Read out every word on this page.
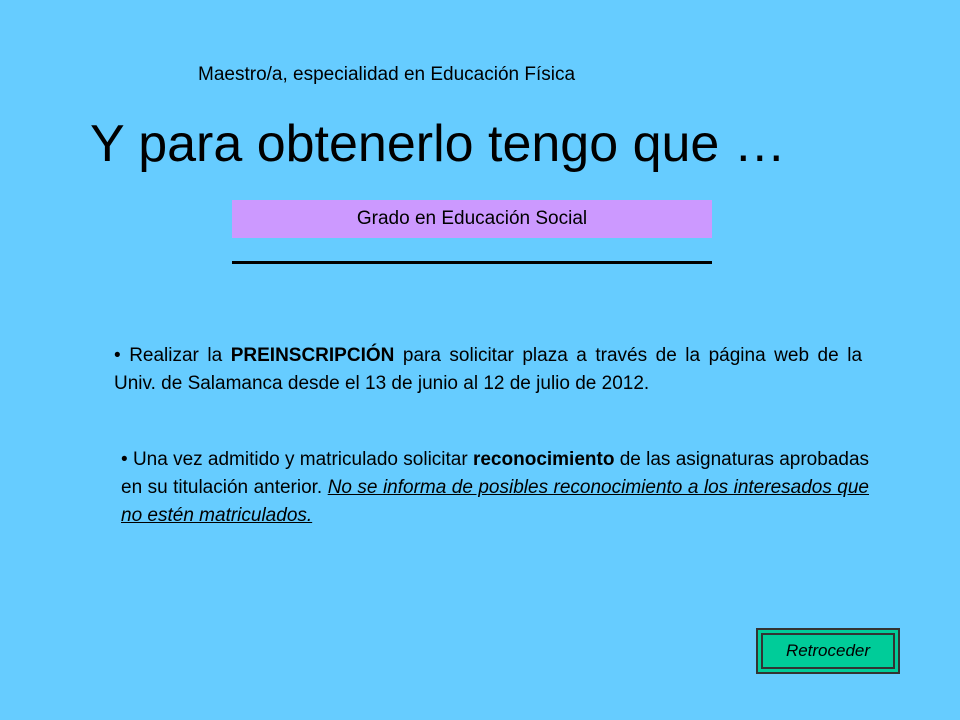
Maestro/a, especialidad en Educación Física
Y para obtenerlo tengo que …
Grado en Educación Social
• Realizar la PREINSCRIPCIÓN para solicitar plaza a través de la página web de la Univ. de Salamanca desde el 13 de junio al 12 de julio de 2012.
• Una vez admitido y matriculado solicitar reconocimiento de las asignaturas aprobadas en su titulación anterior. No se informa de posibles reconocimiento a los interesados que no estén matriculados.
Retroceder
